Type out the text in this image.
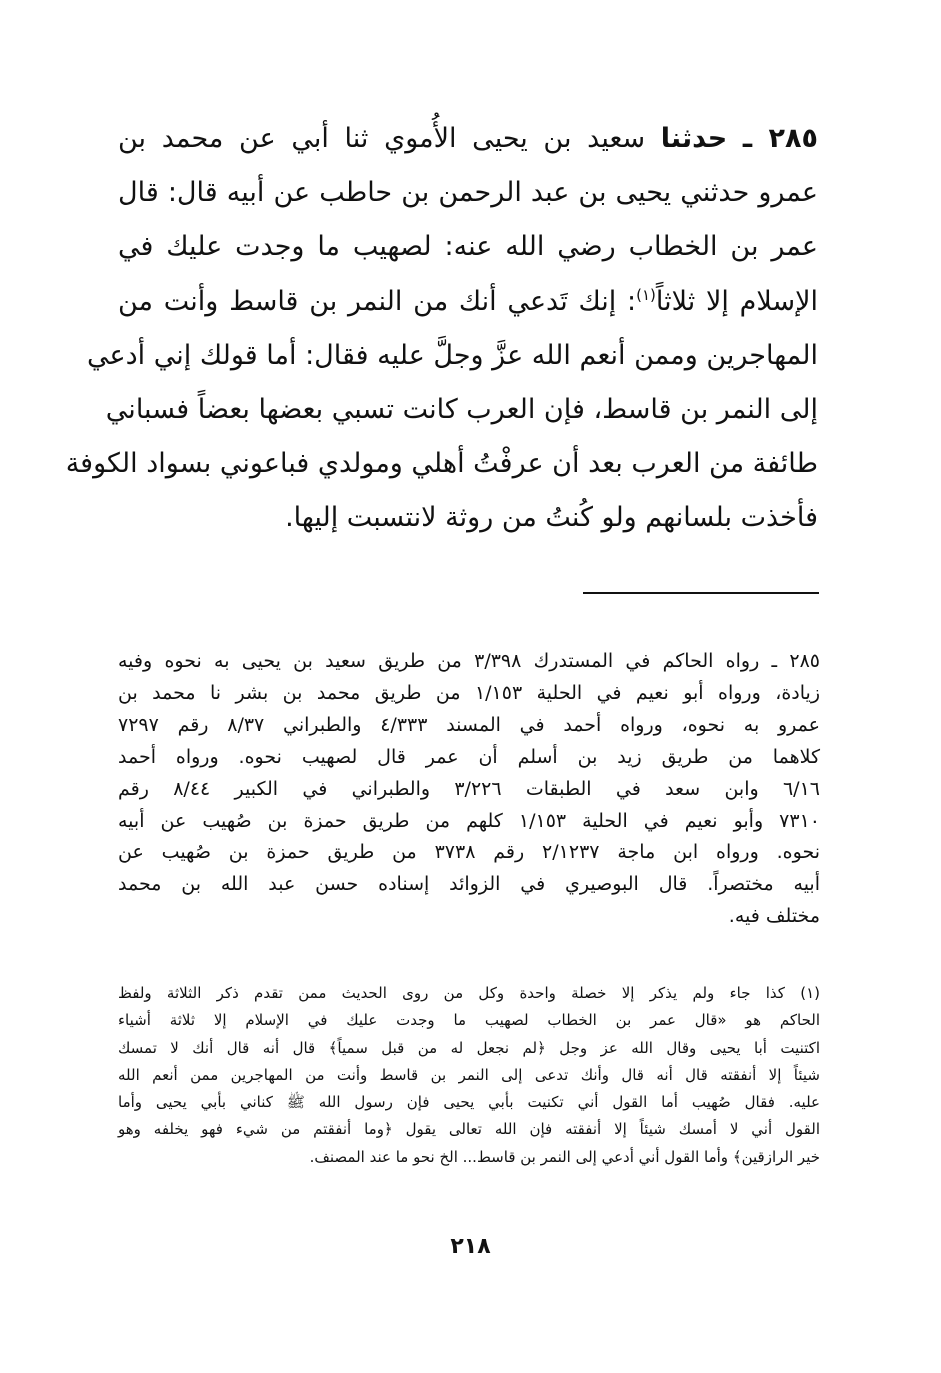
٢٨٥ ـ حدثنا سعيد بن يحيى الأُموي ثنا أبي عن محمد بن
عمرو حدثني يحيى بن عبد الرحمن بن حاطب عن أبيه قال: قال
عمر بن الخطاب رضي الله عنه: لصهيب ما وجدت عليك في
الإسلام إلا ثلاثاً$^{(١)}$: إنك تَدعي أنك من النمر بن قاسط وأنت من
المهاجرين وممن أنعم الله عزَّ وجلَّ عليه فقال: أما قولك إني أدعي
إلى النمر بن قاسط، فإن العرب كانت تسبي بعضها بعضاً فسباني
طائفة من العرب بعد أن عرفْتُ أهلي ومولدي فباعوني بسواد الكوفة
فأخذت بلسانهم ولو كُنتُ من روثة لانتسبت إليها.
٢٨٥ ـ رواه الحاكم في المستدرك ٣/٣٩٨ من طريق سعيد بن يحيى به نحوه وفيه
زيادة، ورواه أبو نعيم في الحلية ١/١٥٣ من طريق محمد بن بشر نا محمد بن
عمرو به نحوه، ورواه أحمد في المسند ٤/٣٣٣ والطبراني ٨/٣٧ رقم ٧٢٩٧
كلاهما من طريق زيد بن أسلم أن عمر قال لصهيب نحوه. ورواه أحمد
٦/١٦ وابن سعد في الطبقات ٣/٢٢٦ والطبراني في الكبير ٨/٤٤ رقم
٧٣١٠ وأبو نعيم في الحلية ١/١٥٣ كلهم من طريق حمزة بن صُهيب عن أبيه
نحوه. ورواه ابن ماجة ٢/١٢٣٧ رقم ٣٧٣٨ من طريق حمزة بن صُهيب عن
أبيه مختصراً. قال البوصيري في الزوائد إسناده حسن عبد الله بن محمد
مختلف فيه.
(١) كذا جاء ولم يذكر إلا خصلة واحدة وكل من روى الحديث ممن تقدم ذكر الثلاثة ولفظ
الحاكم هو «قال عمر بن الخطاب لصهيب ما وجدت عليك في الإسلام إلا ثلاثة أشياء
اكتنيت أبا يحيى وقال الله عز وجل ﴿لم نجعل له من قبل سمياً﴾ قال أنه قال أنك لا تمسك
شيئاً إلا أنفقته قال أنه قال وأنك تدعى إلى النمر بن قاسط وأنت من المهاجرين ممن أنعم الله
عليه. فقال صُهيب أما القول أني تكنيت بأبي يحيى فإن رسول الله ﷺ كناني بأبي يحيى وأما
القول أني لا أمسك شيئاً إلا أنفقته فإن الله تعالى يقول ﴿وما أنفقتم من شيء فهو يخلفه وهو
خير الرازقين﴾ وأما القول أني أدعي إلى النمر بن قاسط... الخ نحو ما عند المصنف.
٢١٨
